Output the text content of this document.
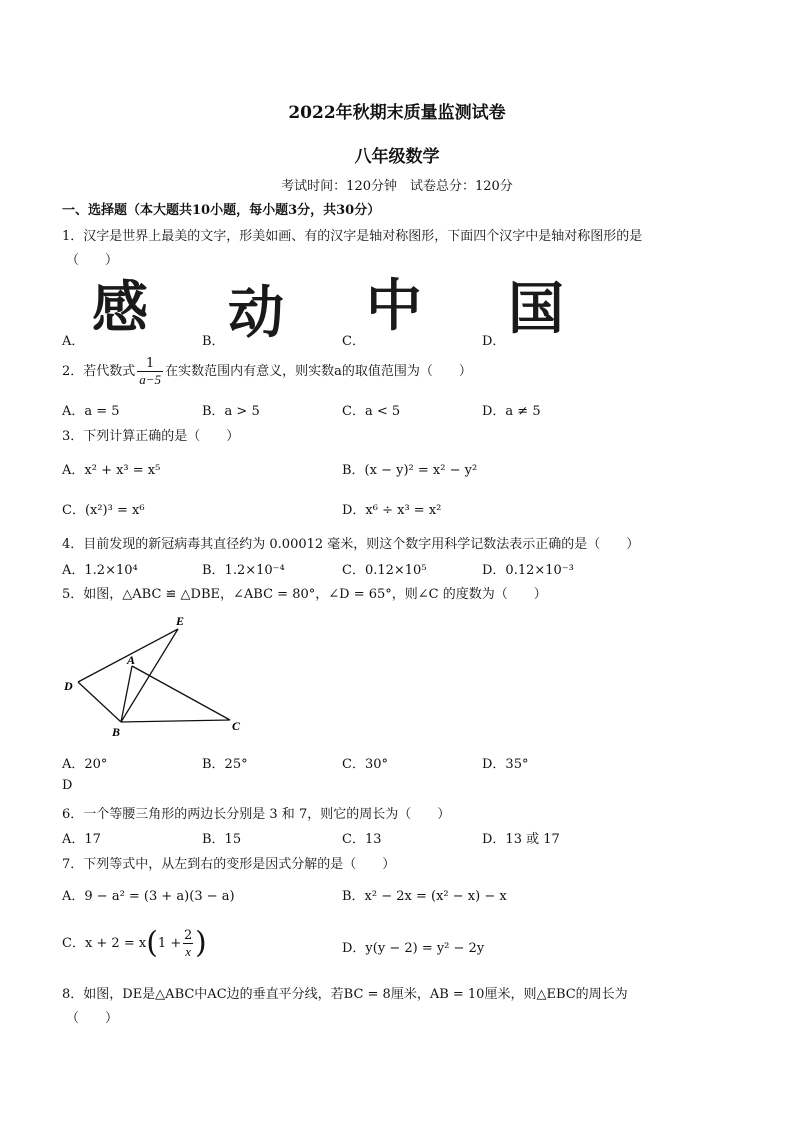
2022年秋期末质量监测试卷
八年级数学
考试时间：120分钟　试卷总分：120分
一、选择题（本大题共10小题，每小题3分，共30分）
1．汉字是世界上最美的文字，形美如画、有的汉字是轴对称图形，下面四个汉字中是轴对称图形的是
（　　）
感 动 中 国
A．	B．	C．	D．
2．若代数式 $\frac{1}{a-5}$ 在实数范围内有意义，则实数a的取值范围为（　　）
A．a = 5	B．a > 5	C．a < 5	D．a ≠ 5
3．下列计算正确的是（　　）
A．x² + x³ = x⁵	B．(x − y)² = x² − y²
C．(x²)³ = x⁶	D．x⁶ ÷ x³ = x²
4．目前发现的新冠病毒其直径约为 0.00012 毫米，则这个数字用科学记数法表示正确的是（　　）
A．1.2×10⁴	B．1.2×10⁻⁴	C．0.12×10⁵	D．0.12×10⁻³
5．如图，△ABC ≌ △DBE，∠ABC = 80°，∠D = 65°，则∠C 的度数为（　　）
E
A
D
B	C
A．20°	B．25°	C．30°	D．35°
D
6．一个等腰三角形的两边长分别是 3 和 7，则它的周长为（　　）
A．17	B．15	C．13	D．13 或 17
7．下列等式中，从左到右的变形是因式分解的是（　　）
A．9 − a² = (3 + a)(3 − a)	B．x² − 2x = (x² − x) − x
C．$x + 2 = x(1 + \frac{2}{x}$ )	D．y(y − 2) = y² − 2y
8．如图，DE是△ABC中AC边的垂直平分线，若BC = 8厘米，AB = 10厘米，则△EBC的周长为
（　　）
